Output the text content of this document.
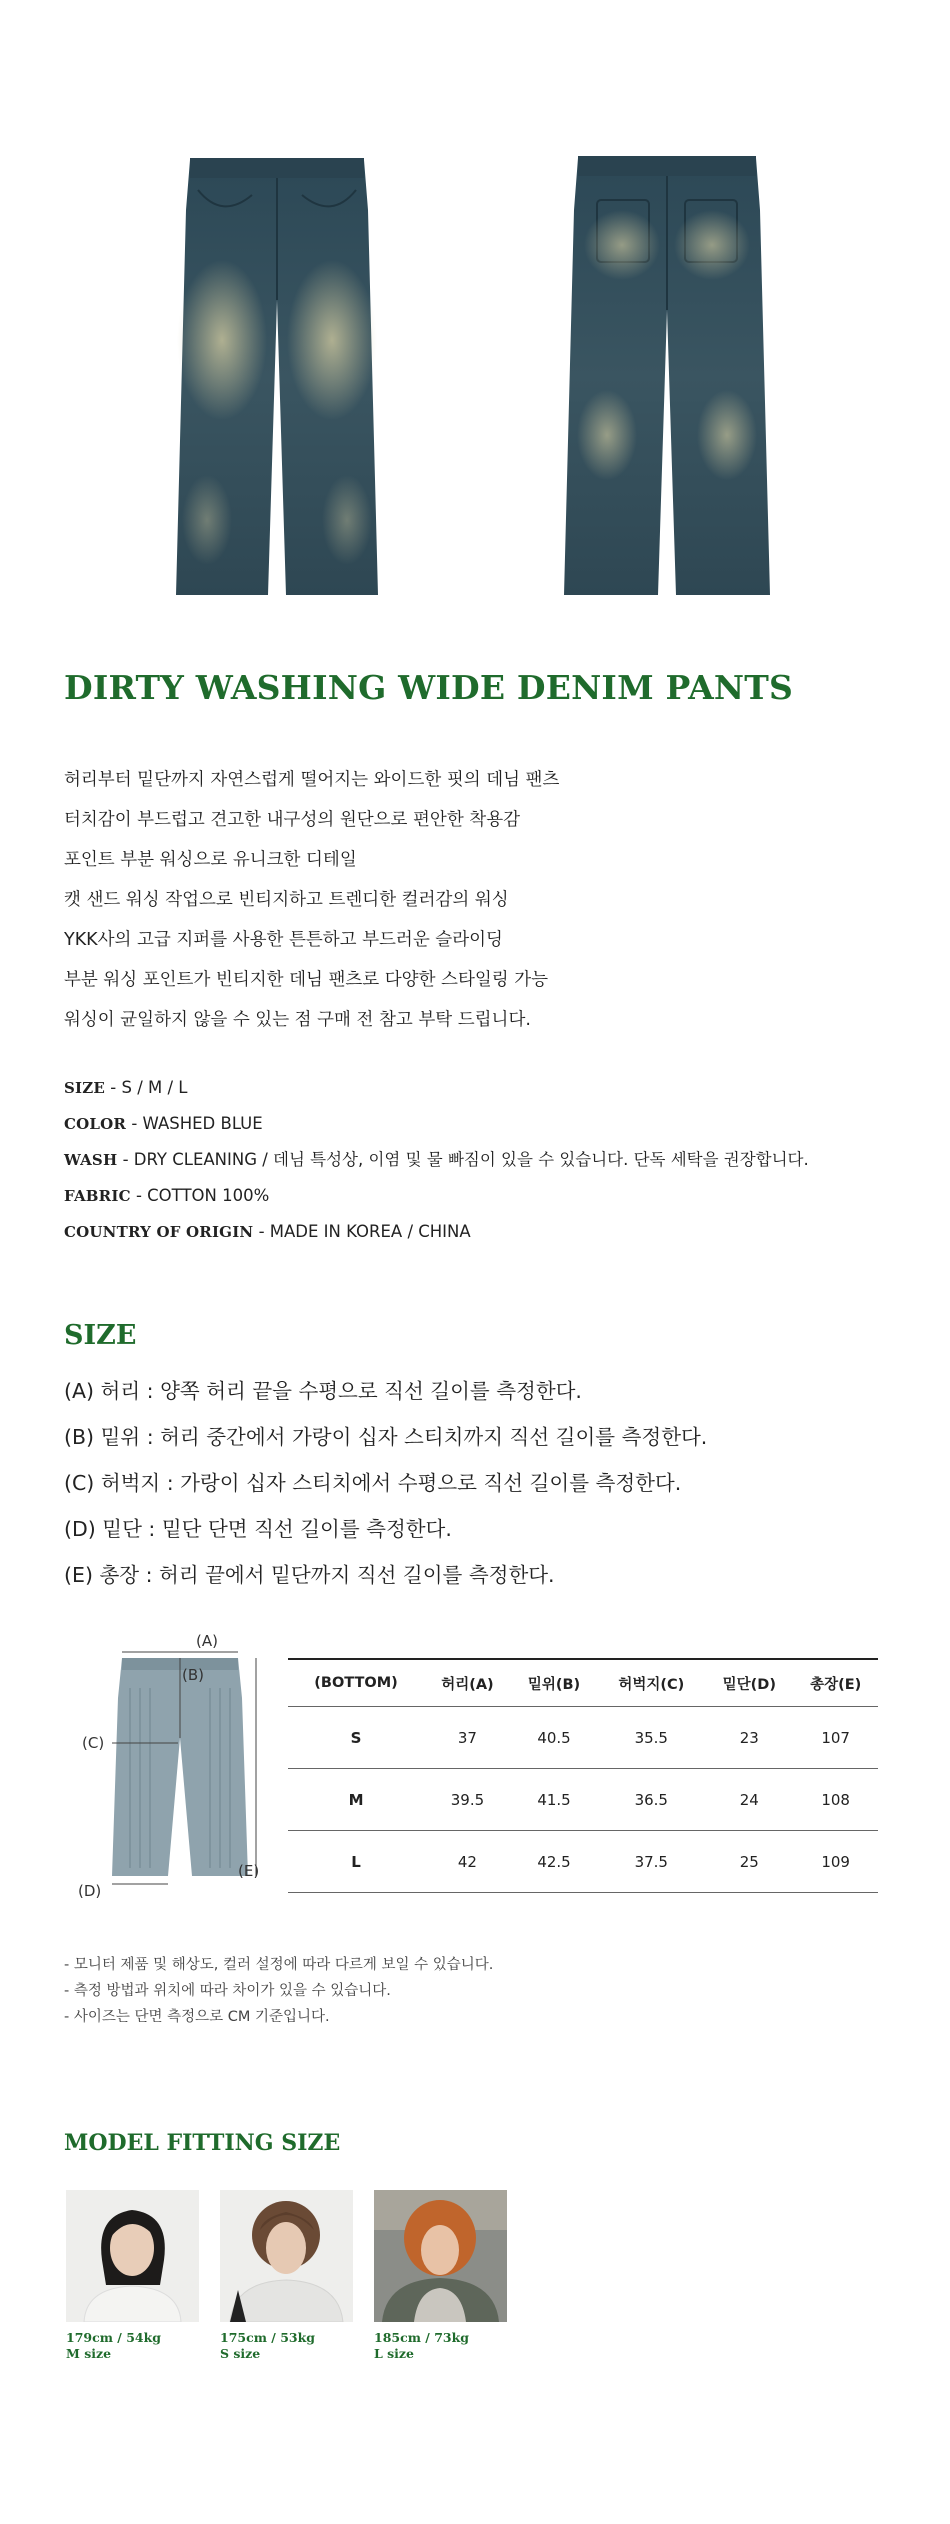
DIRTY WASHING WIDE DENIM PANTS

허리부터 밑단까지 자연스럽게 떨어지는 와이드한 핏의 데님 팬츠

터치감이 부드럽고 견고한 내구성의 원단으로 편안한 착용감

포인트 부분 워싱으로 유니크한 디테일

캣 샌드 워싱 작업으로 빈티지하고 트렌디한 컬러감의 워싱

YKK사의 고급 지퍼를 사용한 튼튼하고 부드러운 슬라이딩

부분 워싱 포인트가 빈티지한 데님 팬츠로 다양한 스타일링 가능

워싱이 균일하지 않을 수 있는 점 구매 전 참고 부탁 드립니다.

SIZE - S / M / L
COLOR - WASHED BLUE
WASH - DRY CLEANING / 데님 특성상, 이염 및 물 빠짐이 있을 수 있습니다. 단독 세탁을 권장합니다.
FABRIC - COTTON 100%
COUNTRY OF ORIGIN - MADE IN KOREA / CHINA
SIZE

(A) 허리 : 양쪽 허리 끝을 수평으로 직선 길이를 측정한다.

(B) 밑위 : 허리 중간에서 가랑이 십자 스티치까지 직선 길이를 측정한다.

(C) 허벅지 : 가랑이 십자 스티치에서 수평으로 직선 길이를 측정한다.

(D) 밑단 : 밑단 단면 직선 길이를 측정한다.

(E) 총장 : 허리 끝에서 밑단까지 직선 길이를 측정한다.

(A)
(B)
(C)
(D)
(E)
(BOTTOM)	허리(A)	밑위(B)	허벅지(C)	밑단(D)	총장(E)
S	37	40.5	35.5	23	107
M	39.5	41.5	36.5	24	108
L	42	42.5	37.5	25	109

- 모니터 제품 및 해상도, 컬러 설정에 따라 다르게 보일 수 있습니다.

- 측정 방법과 위치에 따라 차이가 있을 수 있습니다.

- 사이즈는 단면 측정으로 CM 기준입니다.

MODEL FITTING SIZE
179cm / 54kg
M size
175cm / 53kg
S size
185cm / 73kg
L size
